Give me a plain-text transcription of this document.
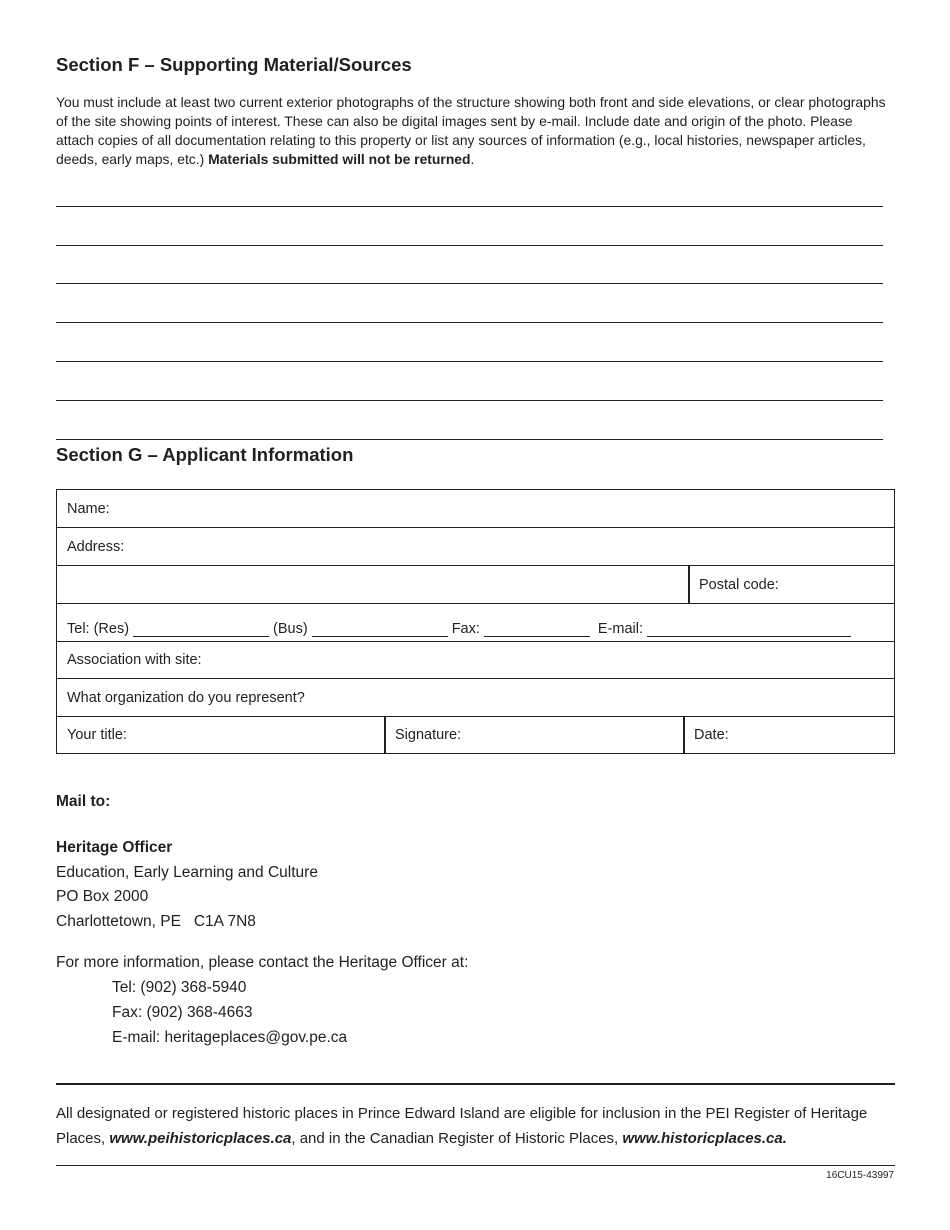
Section F – Supporting Material/Sources
You must include at least two current exterior photographs of the structure showing both front and side elevations, or clear photographs of the site showing points of interest. These can also be digital images sent by e-mail. Include date and origin of the photo. Please attach copies of all documentation relating to this property or list any sources of information (e.g., local histories, newspaper articles, deeds, early maps, etc.) Materials submitted will not be returned.
Section G – Applicant Information
Name:
Address:
Postal code:
Tel: (Res)	(Bus)	Fax:	E-mail:
Association with site:
What organization do you represent?
Your title:	Signature:	Date:
Mail to:
Heritage Officer
Education, Early Learning and Culture
PO Box 2000
Charlottetown, PE   C1A 7N8
For more information, please contact the Heritage Officer at:
Tel: (902) 368-5940
Fax: (902) 368-4663
E-mail: heritageplaces@gov.pe.ca
All designated or registered historic places in Prince Edward Island are eligible for inclusion in the PEI Register of Heritage Places, www.peihistoricplaces.ca, and in the Canadian Register of Historic Places, www.historicplaces.ca.
16CU15-43997
